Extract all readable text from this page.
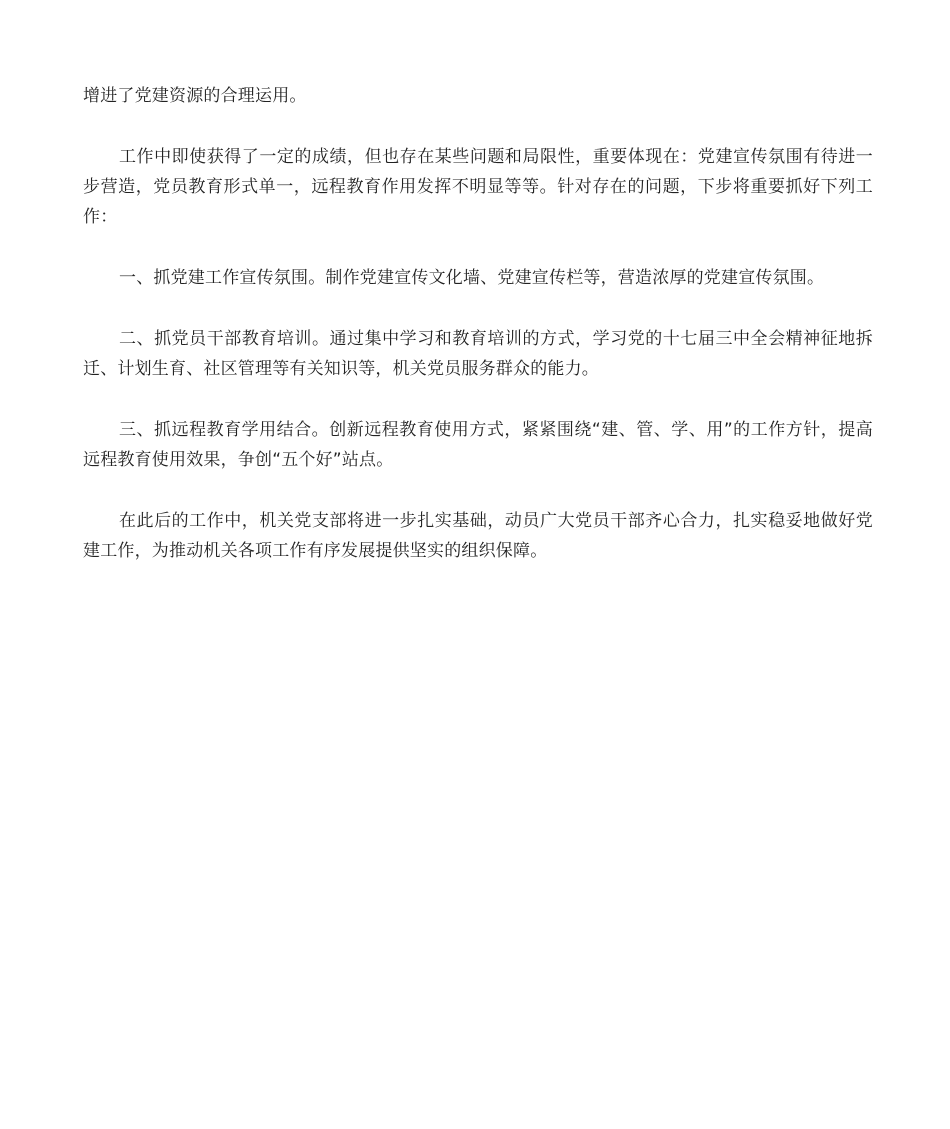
增进了党建资源的合理运用。

工作中即使获得了一定的成绩，但也存在某些问题和局限性，重要体现在：党建宣传氛围有待进一步营造，党员教育形式单一，远程教育作用发挥不明显等等。针对存在的问题，下步将重要抓好下列工作：

一、抓党建工作宣传氛围。制作党建宣传文化墙、党建宣传栏等，营造浓厚的党建宣传氛围。

二、抓党员干部教育培训。通过集中学习和教育培训的方式，学习党的十七届三中全会精神征地拆迁、计划生育、社区管理等有关知识等，机关党员服务群众的能力。

三、抓远程教育学用结合。创新远程教育使用方式，紧紧围绕“建、管、学、用”的工作方针，提高远程教育使用效果，争创“五个好”站点。

在此后的工作中，机关党支部将进一步扎实基础，动员广大党员干部齐心合力，扎实稳妥地做好党建工作，为推动机关各项工作有序发展提供坚实的组织保障。
